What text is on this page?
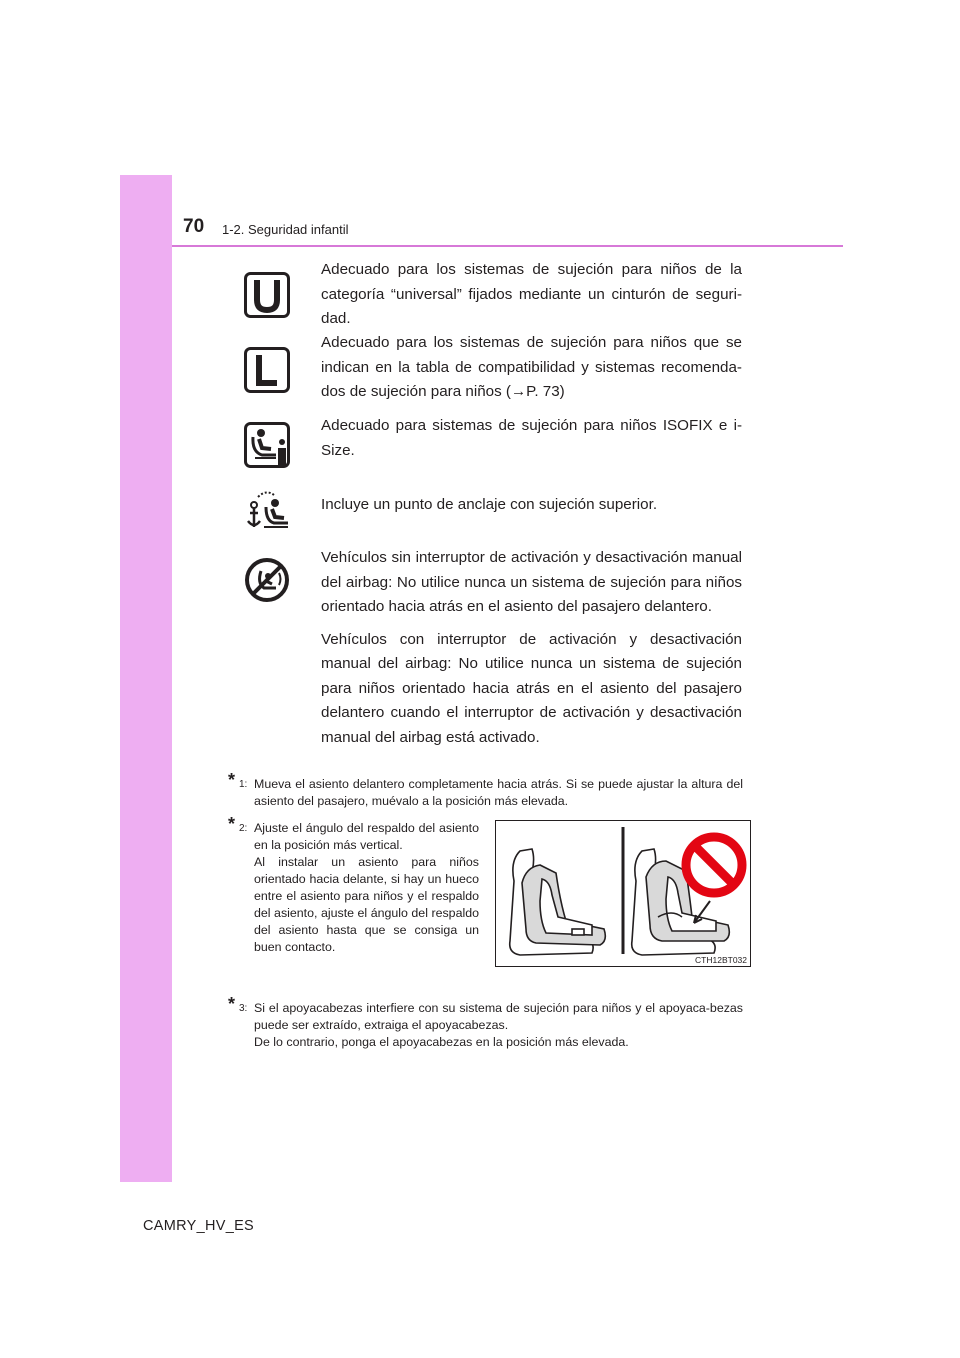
70 1-2. Seguridad infantil

Adecuado para los sistemas de sujeción para niños de la categoría “universal” fijados mediante un cinturón de seguri-dad.

Adecuado para los sistemas de sujeción para niños que se indican en la tabla de compatibilidad y sistemas recomenda-dos de sujeción para niños (→P. 73)

Adecuado para sistemas de sujeción para niños ISOFIX e i-Size.

Incluye un punto de anclaje con sujeción superior.

Vehículos sin interruptor de activación y desactivación manual del airbag: No utilice nunca un sistema de sujeción para niños orientado hacia atrás en el asiento del pasajero delantero.

Vehículos con interruptor de activación y desactivación manual del airbag: No utilice nunca un sistema de sujeción para niños orientado hacia atrás en el asiento del pasajero delantero cuando el interruptor de activación y desactivación manual del airbag está activado.

* 1: Mueva el asiento delantero completamente hacia atrás. Si se puede ajustar la altura del asiento del pasajero, muévalo a la posición más elevada.

* 2: Ajuste el ángulo del respaldo del asiento en la posición más vertical.

Al instalar un asiento para niños orientado hacia delante, si hay un hueco entre el asiento para niños y el respaldo del asiento, ajuste el ángulo del respaldo del asiento hasta que se consiga un buen contacto.

CTH12BT032
* 3: Si el apoyacabezas interfiere con su sistema de sujeción para niños y el apoyaca-bezas puede ser extraído, extraiga el apoyacabezas.

De lo contrario, ponga el apoyacabezas en la posición más elevada.

CAMRY_HV_ES
